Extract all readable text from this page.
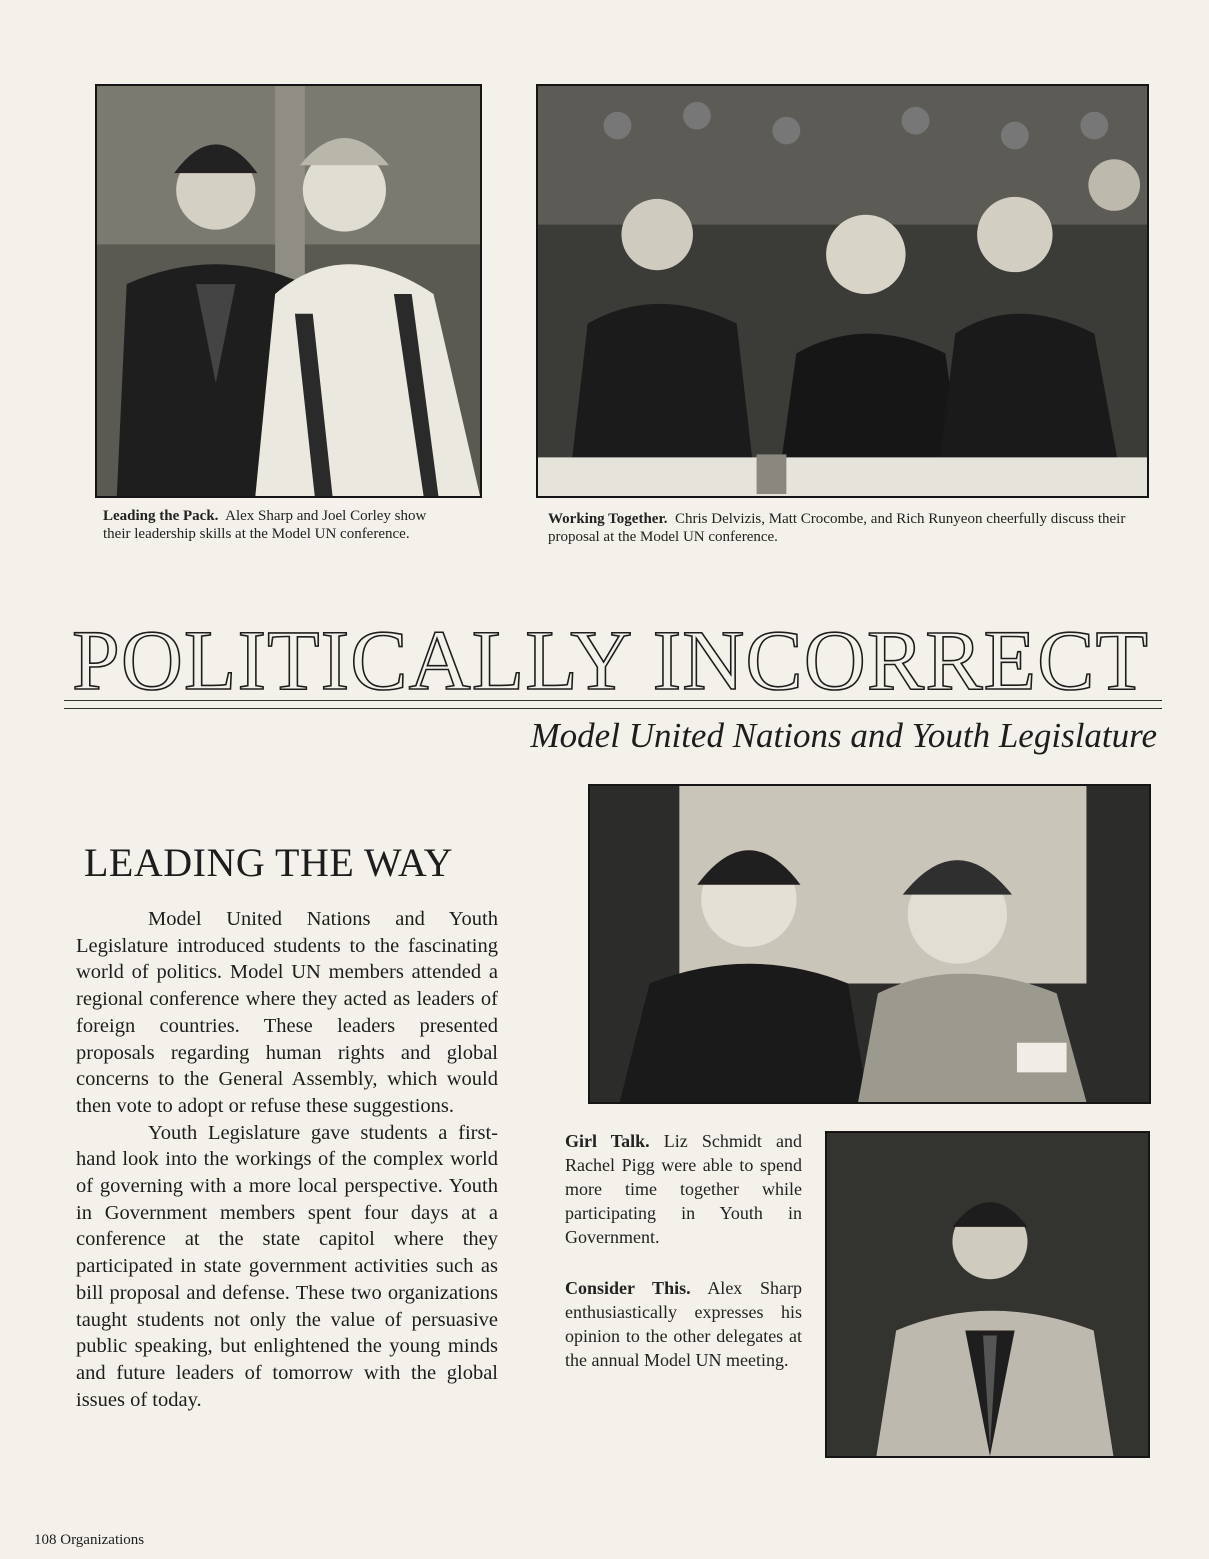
Leading the Pack. Alex Sharp and Joel Corley show their leadership skills at the Model UN conference.
Working Together. Chris Delvizis, Matt Crocombe, and Rich Runyeon cheerfully discuss their proposal at the Model UN conference.
POLITICALLY INCORRECT
Model United Nations and Youth Legislature
LEADING THE WAY

Model United Nations and Youth Legislature introduced students to the fascinating world of politics. Model UN members attended a regional conference where they acted as leaders of foreign countries. These leaders presented proposals regarding human rights and global concerns to the General Assembly, which would then vote to adopt or refuse these suggestions.

Youth Legislature gave students a first-hand look into the workings of the complex world of governing with a more local perspective. Youth in Government members spent four days at a conference at the state capitol where they participated in state government activities such as bill proposal and defense. These two organizations taught students not only the value of persuasive public speaking, but enlightened the young minds and future leaders of tomorrow with the global issues of today.

Girl Talk. Liz Schmidt and Rachel Pigg were able to spend more time together while participating in Youth in Government.
Consider This. Alex Sharp enthusiastically expresses his opinion to the other delegates at the annual Model UN meeting.
108 Organizations
